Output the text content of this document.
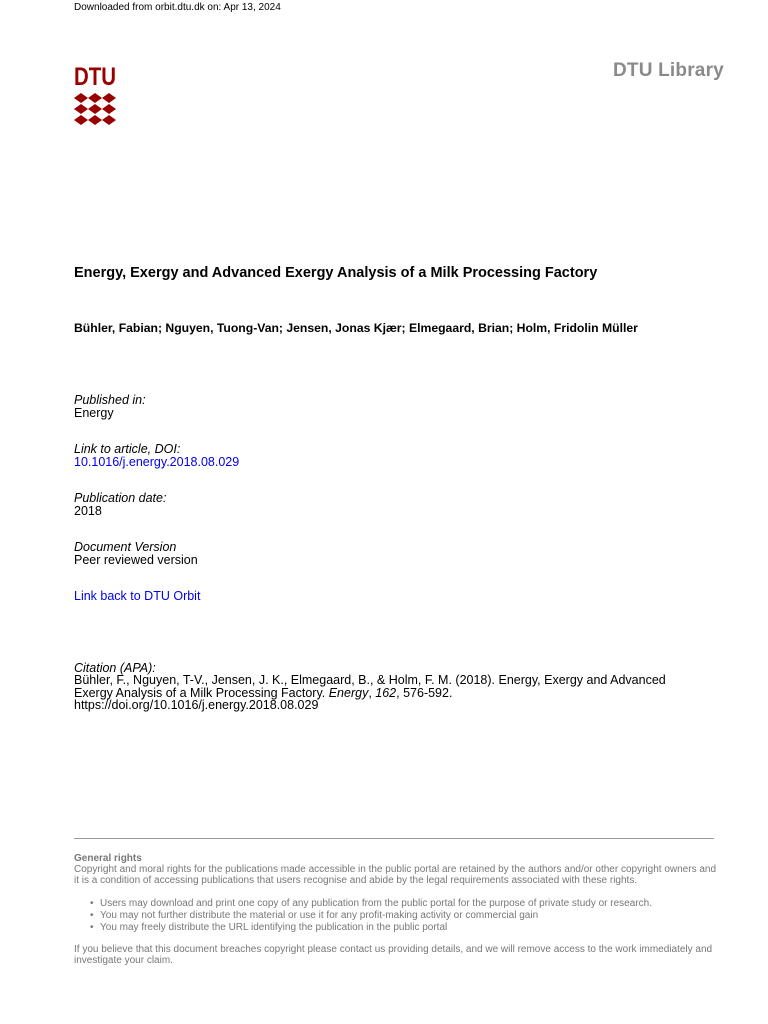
Downloaded from orbit.dtu.dk on: Apr 13, 2024
DTU	DTU Library
Energy, Exergy and Advanced Exergy Analysis of a Milk Processing Factory
Bühler, Fabian; Nguyen, Tuong-Van; Jensen, Jonas Kjær; Elmegaard, Brian; Holm, Fridolin Müller
Published in:
Energy
Link to article, DOI:
10.1016/j.energy.2018.08.029
Publication date:
2018
Document Version
Peer reviewed version
Link back to DTU Orbit
Citation (APA):
Bühler, F., Nguyen, T-V., Jensen, J. K., Elmegaard, B., & Holm, F. M. (2018). Energy, Exergy and Advanced
Exergy Analysis of a Milk Processing Factory. Energy, 162, 576-592.
https://doi.org/10.1016/j.energy.2018.08.029
General rights
Copyright and moral rights for the publications made accessible in the public portal are retained by the authors and/or other copyright owners and it is a condition of accessing publications that users recognise and abide by the legal requirements associated with these rights.
• Users may download and print one copy of any publication from the public portal for the purpose of private study or research.
• You may not further distribute the material or use it for any profit-making activity or commercial gain
• You may freely distribute the URL identifying the publication in the public portal
If you believe that this document breaches copyright please contact us providing details, and we will remove access to the work immediately and investigate your claim.
